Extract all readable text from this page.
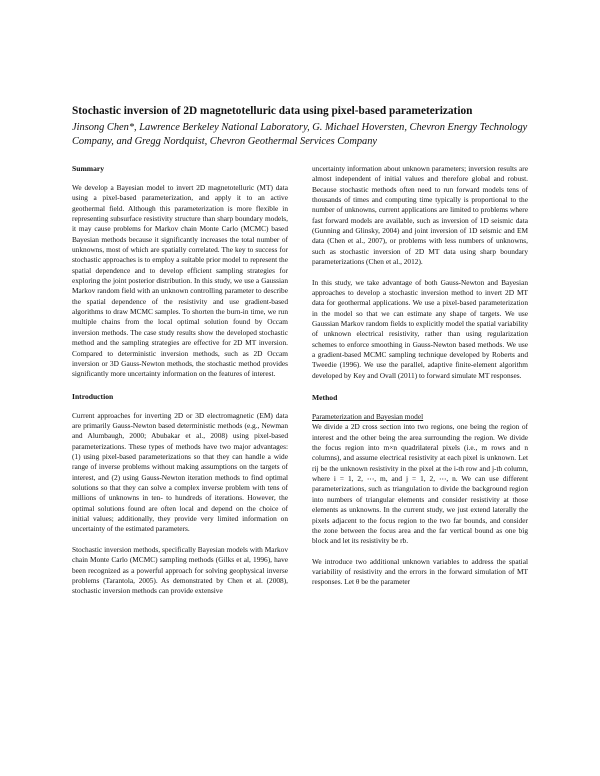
Stochastic inversion of 2D magnetotelluric data using pixel-based parameterization
Jinsong Chen*, Lawrence Berkeley National Laboratory, G. Michael Hoversten, Chevron Energy Technology Company, and Gregg Nordquist, Chevron Geothermal Services Company
Summary

We develop a Bayesian model to invert 2D magnetotelluric (MT) data using a pixel-based parameterization, and apply it to an active geothermal field. Although this parameterization is more flexible in representing subsurface resistivity structure than sharp boundary models, it may cause problems for Markov chain Monte Carlo (MCMC) based Bayesian methods because it significantly increases the total number of unknowns, most of which are spatially correlated. The key to success for stochastic approaches is to employ a suitable prior model to represent the spatial dependence and to develop efficient sampling strategies for exploring the joint posterior distribution. In this study, we use a Gaussian Markov random field with an unknown controlling parameter to describe the spatial dependence of the resistivity and use gradient-based algorithms to draw MCMC samples. To shorten the burn-in time, we run multiple chains from the local optimal solution found by Occam inversion methods. The case study results show the developed stochastic method and the sampling strategies are effective for 2D MT inversion. Compared to deterministic inversion methods, such as 2D Occam inversion or 3D Gauss-Newton methods, the stochastic method provides significantly more uncertainty information on the features of interest.

Introduction

Current approaches for inverting 2D or 3D electromagnetic (EM) data are primarily Gauss-Newton based deterministic methods (e.g., Newman and Alumbaugh, 2000; Abubakar et al., 2008) using pixel-based parameterizations. These types of methods have two major advantages: (1) using pixel-based parameterizations so that they can handle a wide range of inverse problems without making assumptions on the targets of interest, and (2) using Gauss-Newton iteration methods to find optimal solutions so that they can solve a complex inverse problem with tens of millions of unknowns in ten- to hundreds of iterations. However, the optimal solutions found are often local and depend on the choice of initial values; additionally, they provide very limited information on uncertainty of the estimated parameters.

Stochastic inversion methods, specifically Bayesian models with Markov chain Monte Carlo (MCMC) sampling methods (Gilks et al, 1996), have been recognized as a powerful approach for solving geophysical inverse problems (Tarantola, 2005). As demonstrated by Chen et al. (2008), stochastic inversion methods can provide extensive

uncertainty information about unknown parameters; inversion results are almost independent of initial values and therefore global and robust. Because stochastic methods often need to run forward models tens of thousands of times and computing time typically is proportional to the number of unknowns, current applications are limited to problems where fast forward models are available, such as inversion of 1D seismic data (Gunning and Glinsky, 2004) and joint inversion of 1D seismic and EM data (Chen et al., 2007), or problems with less numbers of unknowns, such as stochastic inversion of 2D MT data using sharp boundary parameterizations (Chen et al., 2012).

In this study, we take advantage of both Gauss-Newton and Bayesian approaches to develop a stochastic inversion method to invert 2D MT data for geothermal applications. We use a pixel-based parameterization in the model so that we can estimate any shape of targets. We use Gaussian Markov random fields to explicitly model the spatial variability of unknown electrical resistivity, rather than using regularization schemes to enforce smoothing in Gauss-Newton based methods. We use a gradient-based MCMC sampling technique developed by Roberts and Tweedie (1996). We use the parallel, adaptive finite-element algorithm developed by Key and Ovall (2011) to forward simulate MT responses.

Method
Parameterization and Bayesian model

We divide a 2D cross section into two regions, one being the region of interest and the other being the area surrounding the region. We divide the focus region into m×n quadrilateral pixels (i.e., m rows and n columns), and assume electrical resistivity at each pixel is unknown. Let rij be the unknown resistivity in the pixel at the i-th row and j-th column, where i = 1, 2, ⋯, m, and j = 1, 2, ⋯, n. We can use different parameterizations, such as triangulation to divide the background region into numbers of triangular elements and consider resistivity at those elements as unknowns. In the current study, we just extend laterally the pixels adjacent to the focus region to the two far bounds, and consider the zone between the focus area and the far vertical bound as one big block and let its resistivity be rb.

We introduce two additional unknown variables to address the spatial variability of resistivity and the errors in the forward simulation of MT responses. Let θ be the parameter
